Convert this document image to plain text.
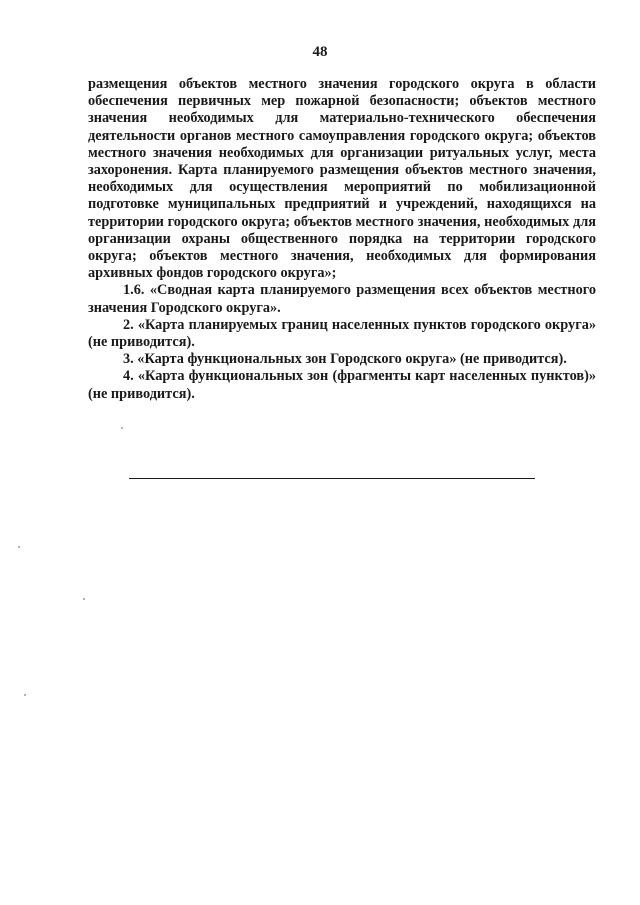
48

размещения объектов местного значения городского округа в области обеспечения первичных мер пожарной безопасности; объектов местного значения необходимых для материально-технического обеспечения деятельности органов местного самоуправления городского округа; объектов местного значения необходимых для организации ритуальных услуг, места захоронения. Карта планируемого размещения объектов местного значения, необходимых для осуществления мероприятий по мобилизационной подготовке муниципальных предприятий и учреждений, находящихся на территории городского округа; объектов местного значения, необходимых для организации охраны общественного порядка на территории городского округа; объектов местного значения, необходимых для формирования архивных фондов городского округа»;

1.6. «Сводная карта планируемого размещения всех объектов местного значения Городского округа».

2. «Карта планируемых границ населенных пунктов городского округа» (не приводится).

3. «Карта функциональных зон Городского округа» (не приводится).

4. «Карта функциональных зон (фрагменты карт населенных пунктов)» (не приводится).
